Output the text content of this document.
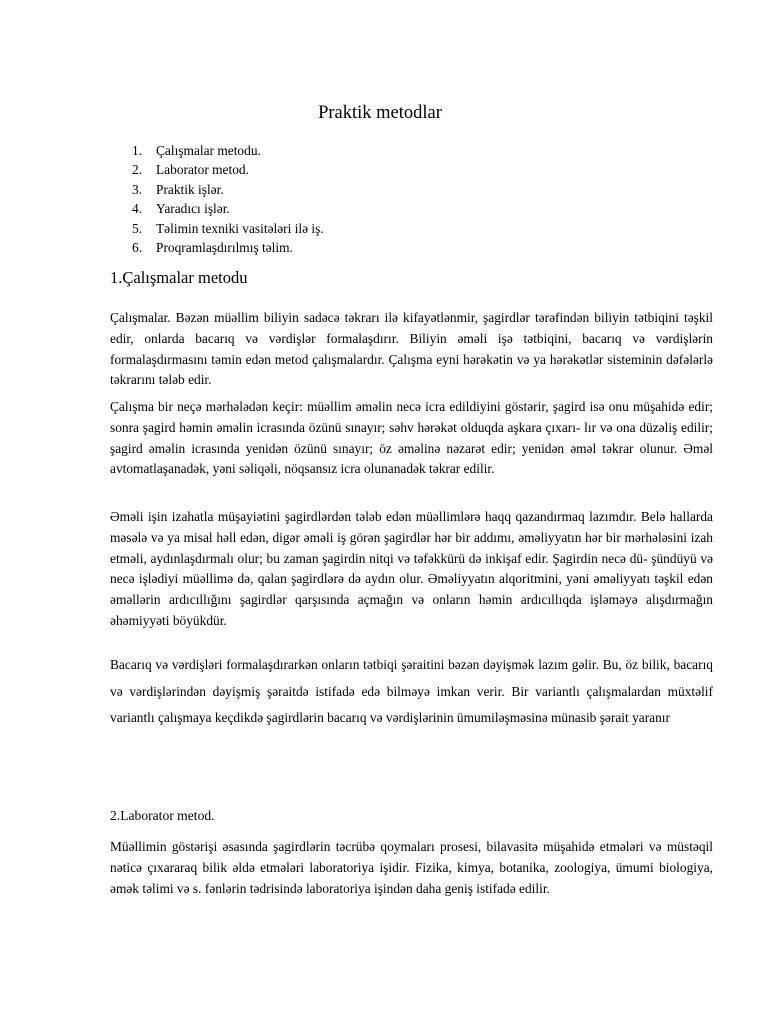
Praktik metodlar
1.	Çalışmalar metodu.
2.	Laborator metod.
3.	Praktik işlər.
4.	Yaradıcı işlər.
5.	Təlimin texniki vasitələri ilə iş.
6.	Proqramlaşdırılmış təlim.
1.Çalışmalar metodu

Çalışmalar. Bəzən müəllim biliyin sadəcə təkrarı ilə kifayətlənmir, şagirdlər tərəfindən biliyin tətbiqini təşkil edir, onlarda bacarıq və vərdişlər formalaşdırır. Biliyin əməli işə tətbiqini, bacarıq və vərdişlərin formalaşdırmasını təmin edən metod çalışmalardır. Çalışma eyni hərəkətin və ya hərəkətlər sisteminin dəfələrlə təkrarını tələb edir.

Çalışma bir neçə mərhələdən keçir: müəllim əməlin necə icra edildiyini göstərir, şagird isə onu müşahidə edir; sonra şagird həmin əməlin icrasında özünü sınayır; səhv hərəkət olduqda aşkara çıxarı- lır və ona düzəliş edilir; şagird əməlin icrasında yenidən özünü sınayır; öz əməlinə nəzarət edir; yenidən əməl təkrar olunur. Əməl avtomatlaşanadək, yəni səliqəli, nöqsansız icra olunanadək təkrar edilir.

Əməli işin izahatla müşayiətini şagirdlərdən tələb edən müəllimlərə haqq qazandırmaq lazımdır. Belə hallarda məsələ və ya misal həll edən, digər əməli iş görən şagirdlər hər bir addımı, əməliyyatın hər bir mərhələsini izah etməli, aydınlaşdırmalı olur; bu zaman şagirdin nitqi və təfəkkürü də inkişaf edir. Şagirdin necə dü- şündüyü və necə işlədiyi müəllimə də, qalan şagirdlərə də aydın olur. Əməliyyatın alqoritmini, yəni əməliyyatı təşkil edən əməllərin ardıcıllığını şagirdlər qarşısında açmağın və onların həmin ardıcıllıqda işləməyə alışdırmağın əhəmiyyəti böyükdür.

Bacarıq və vərdişləri formalaşdırarkən onların tətbiqi şəraitini bəzən dəyişmək lazım gəlir. Bu, öz bilik, bacarıq və vərdişlərindən dəyişmiş şəraitdə istifadə edə bilməyə imkan verir. Bir variantlı çalışmalardan müxtəlif variantlı çalışmaya keçdikdə şagirdlərin bacarıq və vərdişlərinin ümumiləşməsinə münasib şərait yaranır

2.Laborator metod.

Müəllimin göstərişi əsasında şagirdlərin təcrübə qoymaları prosesi, bilavasitə müşahidə etmələri və müstəqil nəticə çıxararaq bilik əldə etmələri laboratoriya işidir. Fizika, kimya, botanika, zoologiya, ümumi biologiya, əmək təlimi və s. fənlərin tədrisində laboratoriya işindən daha geniş istifadə edilir.
